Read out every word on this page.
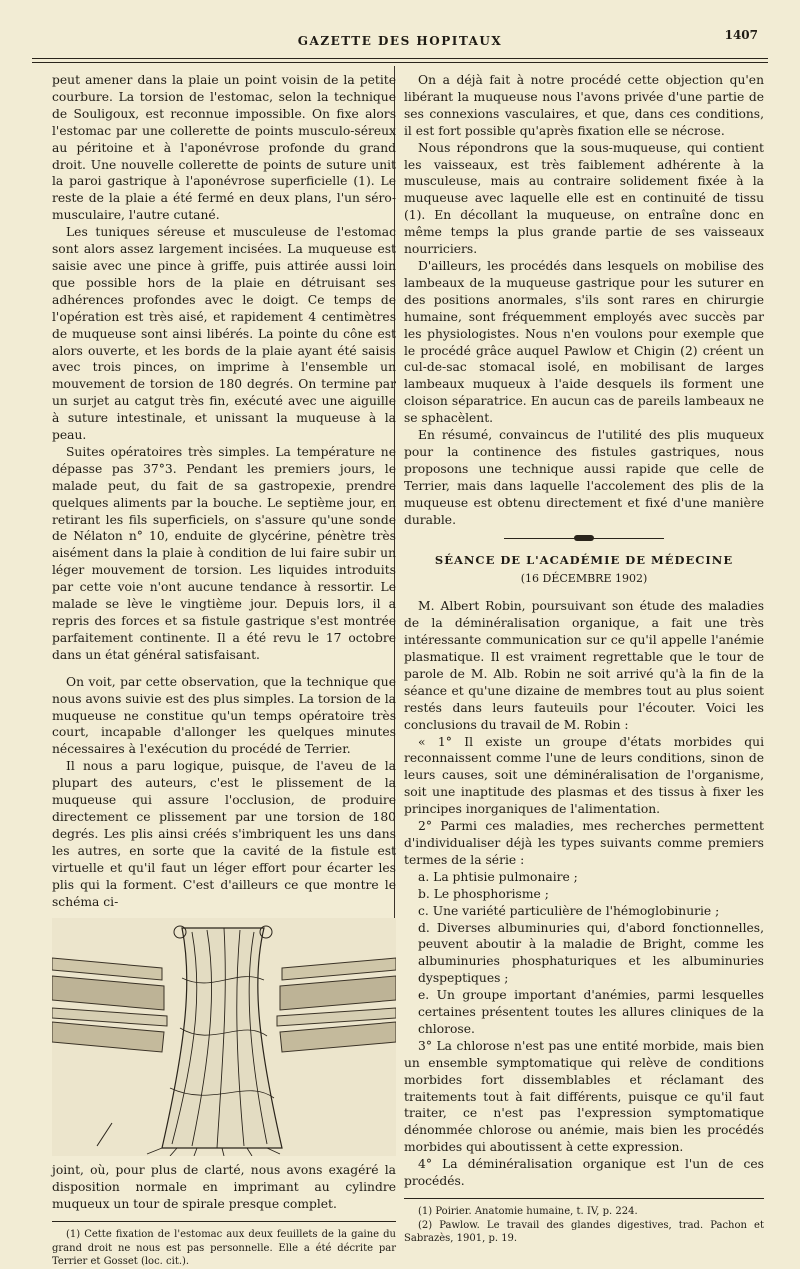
GAZETTE DES HOPITAUX	1407

peut amener dans la plaie un point voisin de la petite courbure. La torsion de l'estomac, selon la technique de Souligoux, est reconnue impossible. On fixe alors l'estomac par une collerette de points musculo-séreux au péritoine et à l'aponévrose profonde du grand droit. Une nouvelle collerette de points de suture unit la paroi gastrique à l'aponévrose superficielle (1). Le reste de la plaie a été fermé en deux plans, l'un séro-musculaire, l'autre cutané.

Les tuniques séreuse et musculeuse de l'estomac sont alors assez largement incisées. La muqueuse est saisie avec une pince à griffe, puis attirée aussi loin que possible hors de la plaie en détruisant ses adhérences profondes avec le doigt. Ce temps de l'opération est très aisé, et rapidement 4 centimètres de muqueuse sont ainsi libérés. La pointe du cône est alors ouverte, et les bords de la plaie ayant été saisis avec trois pinces, on imprime à l'ensemble un mouvement de torsion de 180 degrés. On termine par un surjet au catgut très fin, exécuté avec une aiguille à suture intestinale, et unissant la muqueuse à la peau.

Suites opératoires très simples. La température ne dépasse pas 37°3. Pendant les premiers jours, le malade peut, du fait de sa gastropexie, prendre quelques aliments par la bouche. Le septième jour, en retirant les fils superficiels, on s'assure qu'une sonde de Nélaton n° 10, enduite de glycérine, pénètre très aisément dans la plaie à condition de lui faire subir un léger mouvement de torsion. Les liquides introduits par cette voie n'ont aucune tendance à ressortir. Le malade se lève le vingtième jour. Depuis lors, il a repris des forces et sa fistule gastrique s'est montrée parfaitement continente. Il a été revu le 17 octobre dans un état général satisfaisant.

On voit, par cette observation, que la technique que nous avons suivie est des plus simples. La torsion de la muqueuse ne constitue qu'un temps opératoire très court, incapable d'allonger les quelques minutes nécessaires à l'exécution du procédé de Terrier.

Il nous a paru logique, puisque, de l'aveu de la plupart des auteurs, c'est le plissement de la muqueuse qui assure l'occlusion, de produire directement ce plissement par une torsion de 180 degrés. Les plis ainsi créés s'imbriquent les uns dans les autres, en sorte que la cavité de la fistule est virtuelle et qu'il faut un léger effort pour écarter les plis qui la forment. C'est d'ailleurs ce que montre le schéma ci-

joint, où, pour plus de clarté, nous avons exagéré la disposition normale en imprimant au cylindre muqueux un tour de spirale presque complet.

(1) Cette fixation de l'estomac aux deux feuillets de la gaine du grand droit ne nous est pas personnelle. Elle a été décrite par Terrier et Gosset (loc. cit.).

On a déjà fait à notre procédé cette objection qu'en libérant la muqueuse nous l'avons privée d'une partie de ses connexions vasculaires, et que, dans ces conditions, il est fort possible qu'après fixation elle se nécrose.

Nous répondrons que la sous-muqueuse, qui contient les vaisseaux, est très faiblement adhérente à la musculeuse, mais au contraire solidement fixée à la muqueuse avec laquelle elle est en continuité de tissu (1). En décollant la muqueuse, on entraîne donc en même temps la plus grande partie de ses vaisseaux nourriciers.

D'ailleurs, les procédés dans lesquels on mobilise des lambeaux de la muqueuse gastrique pour les suturer en des positions anormales, s'ils sont rares en chirurgie humaine, sont fréquemment employés avec succès par les physiologistes. Nous n'en voulons pour exemple que le procédé grâce auquel Pawlow et Chigin (2) créent un cul-de-sac stomacal isolé, en mobilisant de larges lambeaux muqueux à l'aide desquels ils forment une cloison séparatrice. En aucun cas de pareils lambeaux ne se sphacèlent.

En résumé, convaincus de l'utilité des plis muqueux pour la continence des fistules gastriques, nous proposons une technique aussi rapide que celle de Terrier, mais dans laquelle l'accolement des plis de la muqueuse est obtenu directement et fixé d'une manière durable.

SÉANCE DE L'ACADÉMIE DE MÉDECINE
(16 DÉCEMBRE 1902)

M. Albert Robin, poursuivant son étude des maladies de la déminéralisation organique, a fait une très intéressante communication sur ce qu'il appelle l'anémie plasmatique. Il est vraiment regrettable que le tour de parole de M. Alb. Robin ne soit arrivé qu'à la fin de la séance et qu'une dizaine de membres tout au plus soient restés dans leurs fauteuils pour l'écouter. Voici les conclusions du travail de M. Robin :

« 1° Il existe un groupe d'états morbides qui reconnaissent comme l'une de leurs conditions, sinon de leurs causes, soit une déminéralisation de l'organisme, soit une inaptitude des plasmas et des tissus à fixer les principes inorganiques de l'alimentation.

2° Parmi ces maladies, mes recherches permettent d'individualiser déjà les types suivants comme premiers termes de la série :

a. La phtisie pulmonaire ;

b. Le phosphorisme ;

c. Une variété particulière de l'hémoglobinurie ;

d. Diverses albuminuries qui, d'abord fonctionnelles, peuvent aboutir à la maladie de Bright, comme les albuminuries phosphaturiques et les albuminuries dyspeptiques ;

e. Un groupe important d'anémies, parmi lesquelles certaines présentent toutes les allures cliniques de la chlorose.

3° La chlorose n'est pas une entité morbide, mais bien un ensemble symptomatique qui relève de conditions morbides fort dissemblables et réclamant des traitements tout à fait différents, puisque ce qu'il faut traiter, ce n'est pas l'expression symptomatique dénommée chlorose ou anémie, mais bien les procédés morbides qui aboutissent à cette expression.

4° La déminéralisation organique est l'un de ces procédés.

(1) Poirier. Anatomie humaine, t. IV, p. 224.

(2) Pawlow. Le travail des glandes digestives, trad. Pachon et Sabrazès, 1901, p. 19.
